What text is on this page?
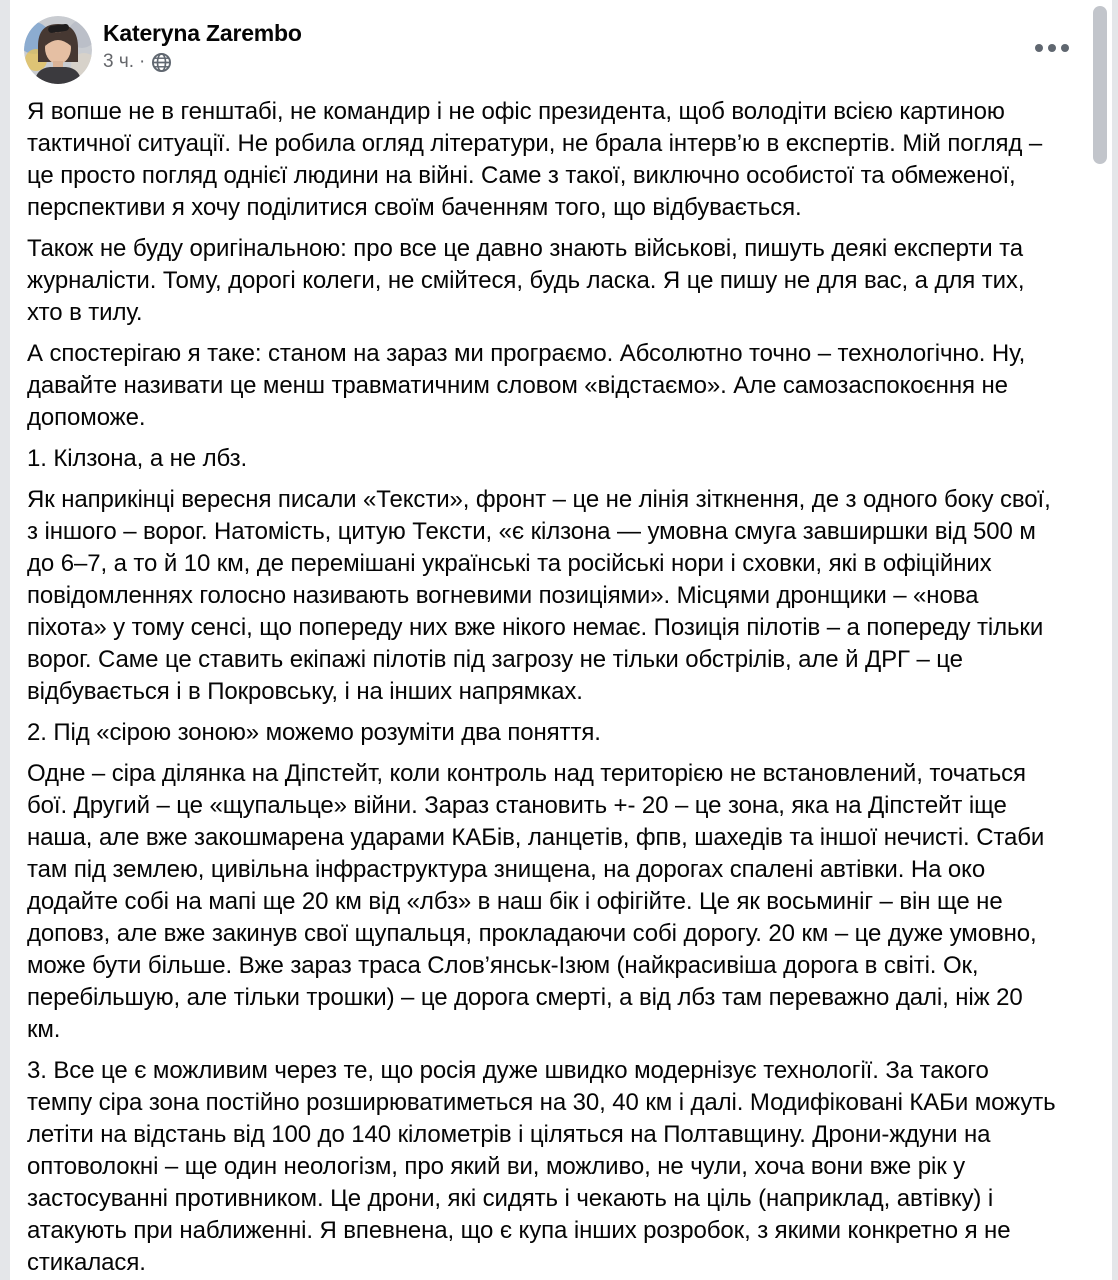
Kateryna Zarembo
3 ч. ·

Я вопше не в генштабі, не командир і не офіс президента, щоб володіти всією картиною тактичної ситуації. Не робила огляд літератури, не брала інтерв’ю в експертів. Мій погляд – це просто погляд однієї людини на війні. Саме з такої, виключно особистої та обмеженої, перспективи я хочу поділитися своїм баченням того, що відбувається.

Також не буду оригінальною: про все це давно знають військові, пишуть деякі експерти та журналісти. Тому, дорогі колеги, не смійтеся, будь ласка. Я це пишу не для вас, а для тих, хто в тилу.

А спостерігаю я таке: станом на зараз ми програємо. Абсолютно точно – технологічно. Ну, давайте називати це менш травматичним словом «відстаємо». Але самозаспокоєння не допоможе.

1. Кілзона, а не лбз.

Як наприкінці вересня писали «Тексти», фронт – це не лінія зіткнення, де з одного боку свої, з іншого – ворог. Натомість, цитую Тексти, «є кілзона — умовна смуга завширшки від 500 м до 6–7, а то й 10 км, де перемішані українські та російські нори і сховки, які в офіційних повідомленнях голосно називають вогневими позиціями». Місцями дронщики – «нова піхота» у тому сенсі, що попереду них вже нікого немає. Позиція пілотів – а попереду тільки ворог. Саме це ставить екіпажі пілотів під загрозу не тільки обстрілів, але й ДРГ – це відбувається і в Покровську, і на інших напрямках.

2. Під «сірою зоною» можемо розуміти два поняття.

Одне – сіра ділянка на Діпстейт, коли контроль над територією не встановлений, точаться бої. Другий – це «щупальце» війни. Зараз становить +- 20 – це зона, яка на Діпстейт іще наша, але вже закошмарена ударами КАБів, ланцетів, фпв, шахедів та іншої нечисті. Стаби там під землею, цивільна інфраструктура знищена, на дорогах спалені автівки. На око додайте собі на мапі ще 20 км від «лбз» в наш бік і офігійте. Це як восьминіг – він ще не доповз, але вже закинув свої щупальця, прокладаючи собі дорогу. 20 км – це дуже умовно, може бути більше. Вже зараз траса Слов’янськ-Ізюм (найкрасивіша дорога в світі. Ок, перебільшую, але тільки трошки) – це дорога смерті, а від лбз там переважно далі, ніж 20 км.

3. Все це є можливим через те, що росія дуже швидко модернізує технології. За такого темпу сіра зона постійно розширюватиметься на 30, 40 км і далі. Модифіковані КАБи можуть летіти на відстань від 100 до 140 кілометрів і ціляться на Полтавщину. Дрони-ждуни на оптоволокні – ще один неологізм, про який ви, можливо, не чули, хоча вони вже рік у застосуванні противником. Це дрони, які сидять і чекають на ціль (наприклад, автівку) і атакують при наближенні. Я впевнена, що є купа інших розробок, з якими конкретно я не стикалася.
